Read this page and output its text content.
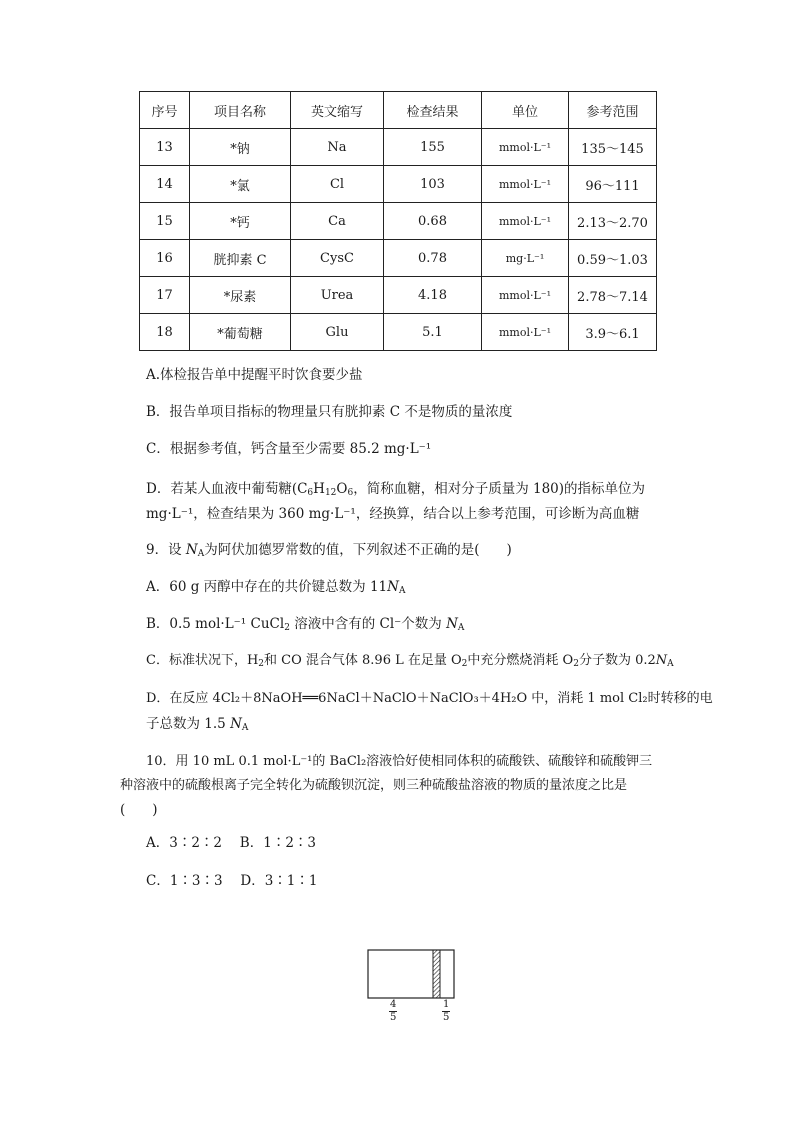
序号	项目名称	英文缩写	检查结果	单位	参考范围
13	*钠	Na	155	mmol·L⁻¹	135～145
14	*氯	Cl	103	mmol·L⁻¹	96～111
15	*钙	Ca	0.68	mmol·L⁻¹	2.13～2.70
16	胱抑素 C	CysC	0.78	mg·L⁻¹	0.59～1.03
17	*尿素	Urea	4.18	mmol·L⁻¹	2.78～7.14
18	*葡萄糖	Glu	5.1	mmol·L⁻¹	3.9～6.1
A.体检报告单中提醒平时饮食要少盐
B．报告单项目指标的物理量只有胱抑素 C 不是物质的量浓度
C．根据参考值，钙含量至少需要 85.2 mg·L⁻¹
D．若某人血液中葡萄糖($C_6H_{12}O_6$，简称血糖，相对分子质量为 180)的指标单位为 mg·L⁻¹，检查结果为 360 mg·L⁻¹，经换算，结合以上参考范围，可诊断为高血糖
9．设 $N_A$为阿伏加德罗常数的值，下列叙述不正确的是(　　)
A．60 g 丙醇中存在的共价键总数为 $11N_A$
B．0.5 mol·L⁻¹ CuCl$_2$ 溶液中含有的 Cl⁻个数为 $N_A$
C．标准状况下，$H_2$和 CO 混合气体 8.96 L 在足量 $O_2$中充分燃烧消耗 $O_2$分子数为 $0.2N_A$
D．在反应 4Cl₂＋8NaOH══6NaCl＋NaClO＋NaClO₃＋4H₂O 中，消耗 1 mol Cl₂时转移的电
子总数为 1.5 $N_A$
10．用 10 mL 0.1 mol·L⁻¹的 BaCl₂溶液恰好使相同体积的硫酸铁、硫酸锌和硫酸钾三
种溶液中的硫酸根离子完全转化为硫酸钡沉淀，则三种硫酸盐溶液的物质的量浓度之比是
(　　)
A．3∶2∶2　 B．1∶2∶3
C．1∶3∶3　 D．3∶1∶1
$\frac{4}{5}$	$\frac{1}{5}$
